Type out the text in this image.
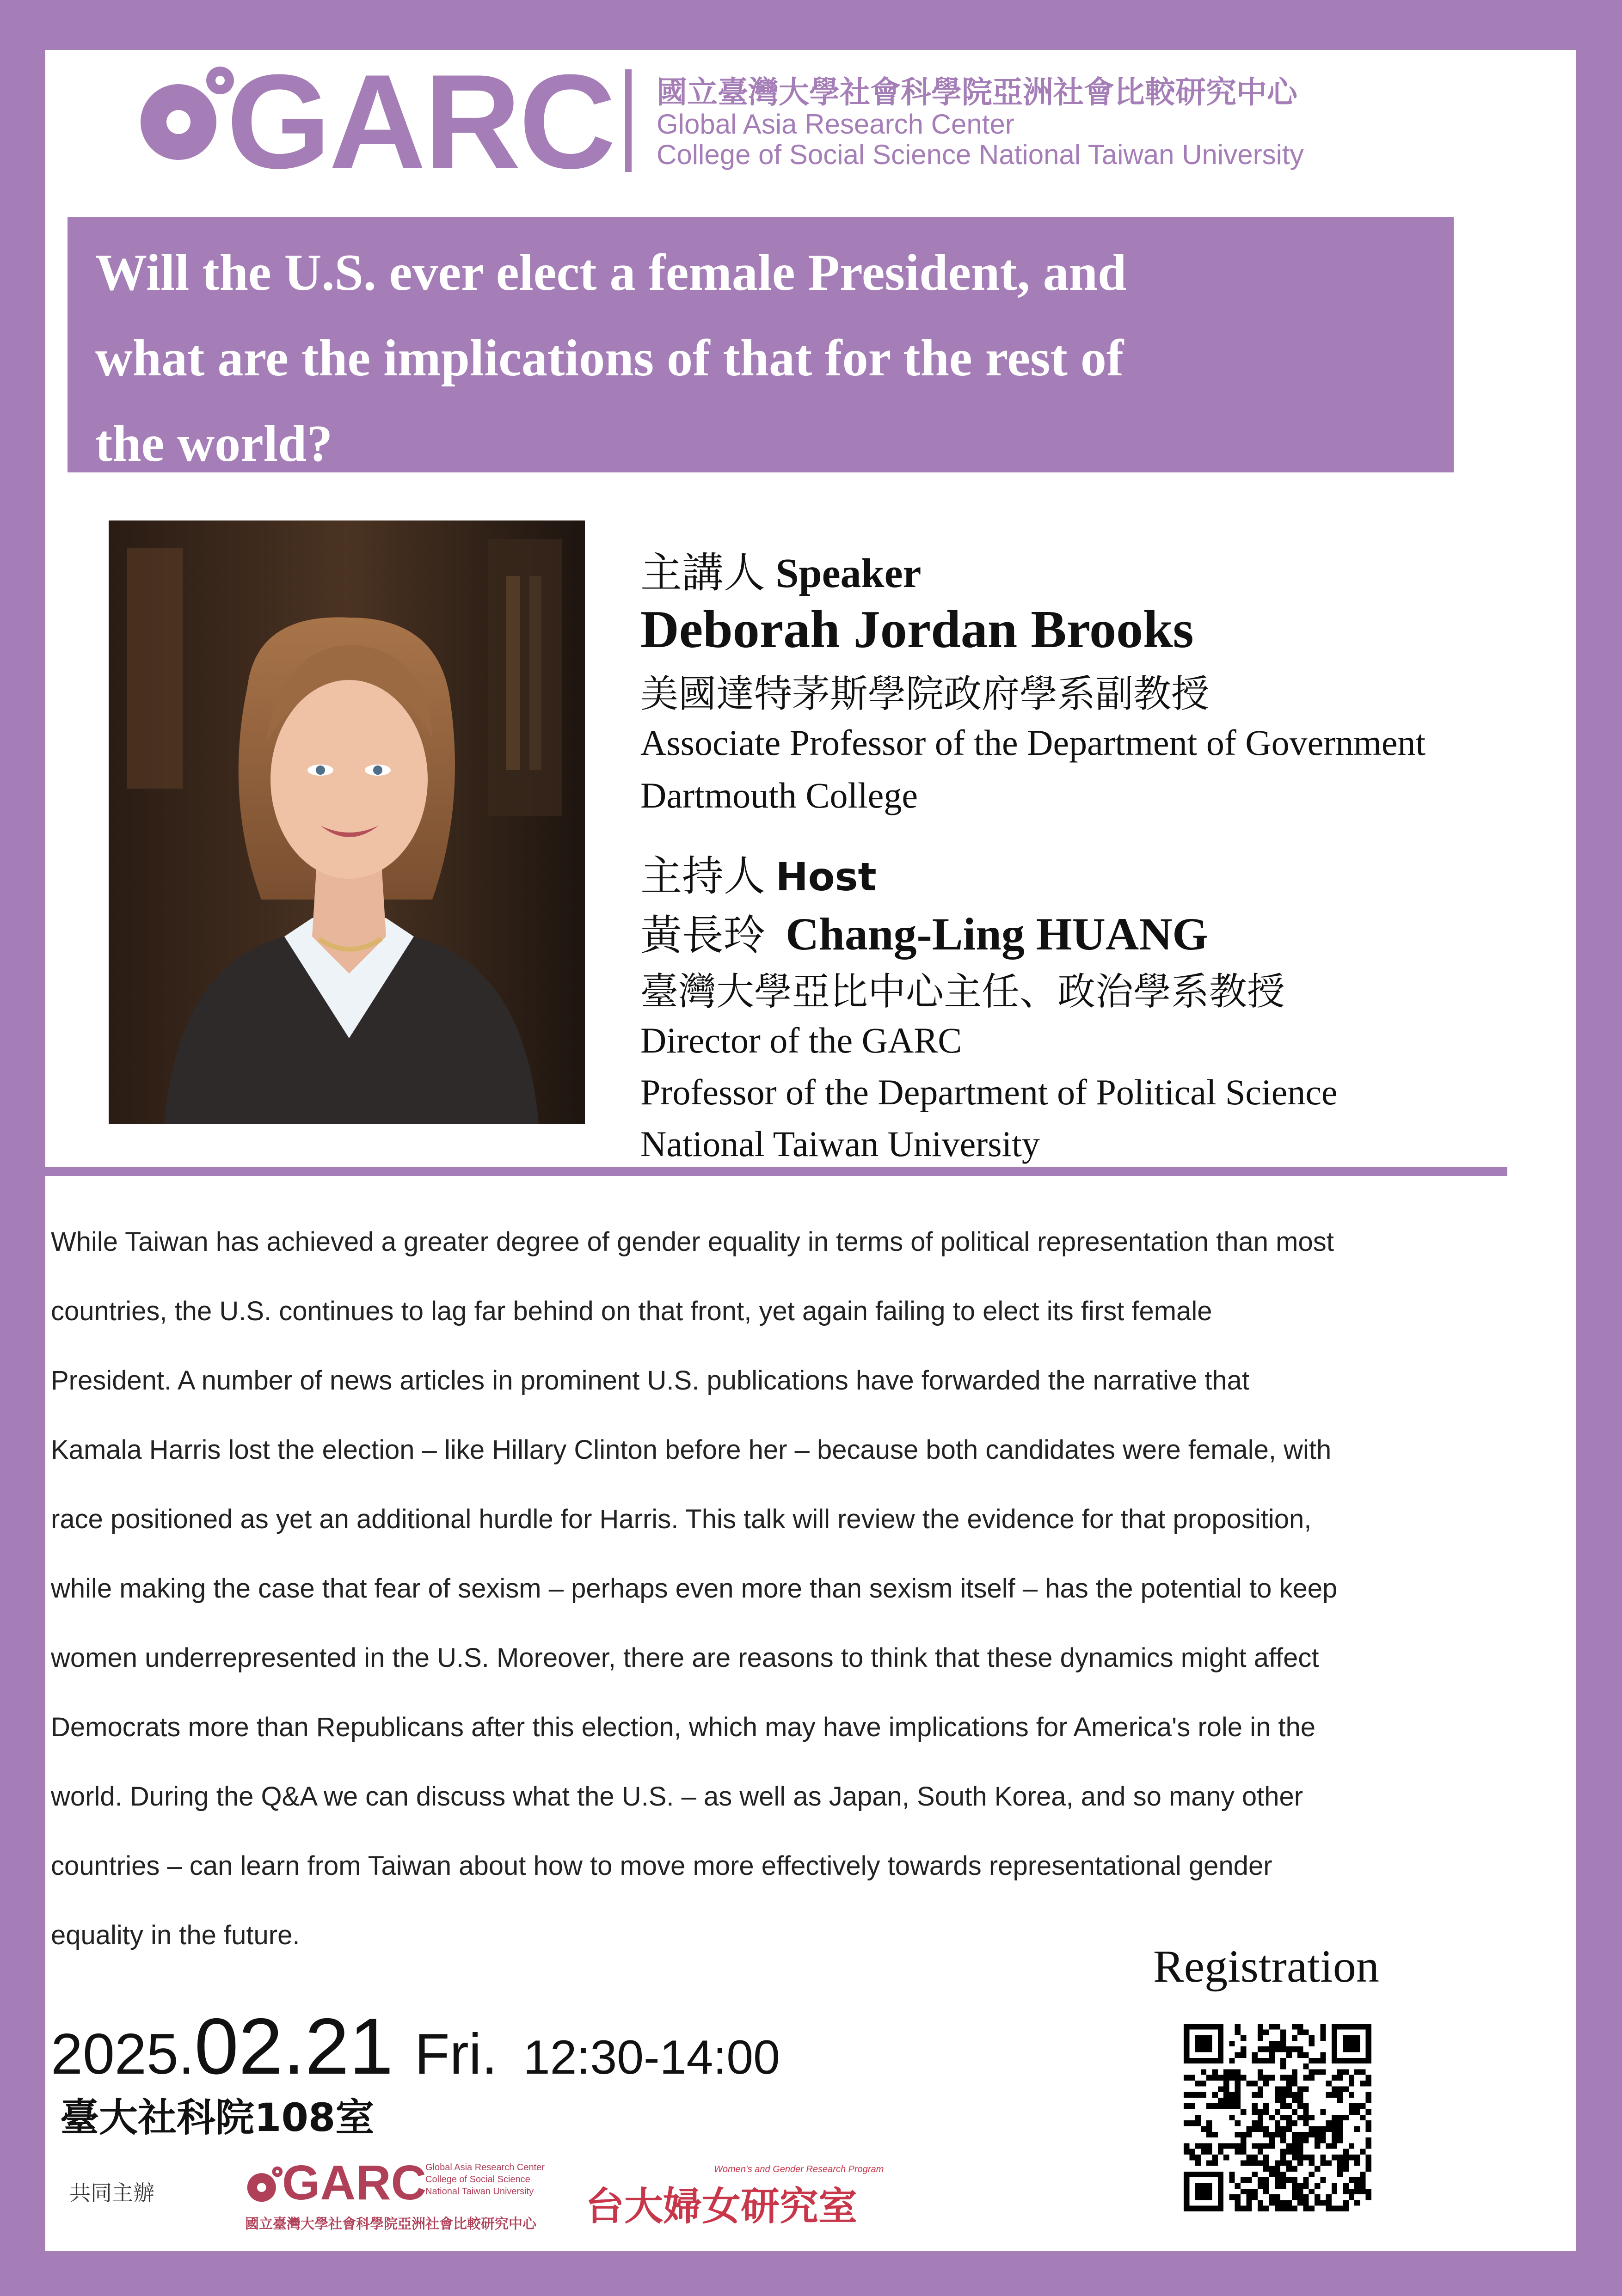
GARC 國立臺灣大學社會科學院亞洲社會比較研究中心
Global Asia Research Center
College of Social Science National Taiwan University
Will the U.S. ever elect a female President, and
what are the implications of that for the rest of
the world?
主講人 Speaker
Deborah Jordan Brooks
美國達特茅斯學院政府學系副教授
Associate Professor of the Department of Government
Dartmouth College
主持人 Host
黃長玲 Chang-Ling HUANG
臺灣大學亞比中心主任、政治學系教授
Director of the GARC
Professor of the Department of Political Science
National Taiwan University
While Taiwan has achieved a greater degree of gender equality in terms of political representation than most
countries, the U.S. continues to lag far behind on that front, yet again failing to elect its first female
President. A number of news articles in prominent U.S. publications have forwarded the narrative that
Kamala Harris lost the election – like Hillary Clinton before her – because both candidates were female, with
race positioned as yet an additional hurdle for Harris. This talk will review the evidence for that proposition,
while making the case that fear of sexism – perhaps even more than sexism itself – has the potential to keep
women underrepresented in the U.S. Moreover, there are reasons to think that these dynamics might affect
Democrats more than Republicans after this election, which may have implications for America's role in the
world. During the Q&A we can discuss what the U.S. – as well as Japan, South Korea, and so many other
countries – can learn from Taiwan about how to move more effectively towards representational gender
equality in the future.
2025.02.21 Fri. 12:30-14:00
臺大社科院108室
共同主辦	GARC
Global Asia Research Center
College of Social Science
National Taiwan University
國立臺灣大學社會科學院亞洲社會比較研究中心
Women's and Gender Research Program
台大婦女研究室
Registration
